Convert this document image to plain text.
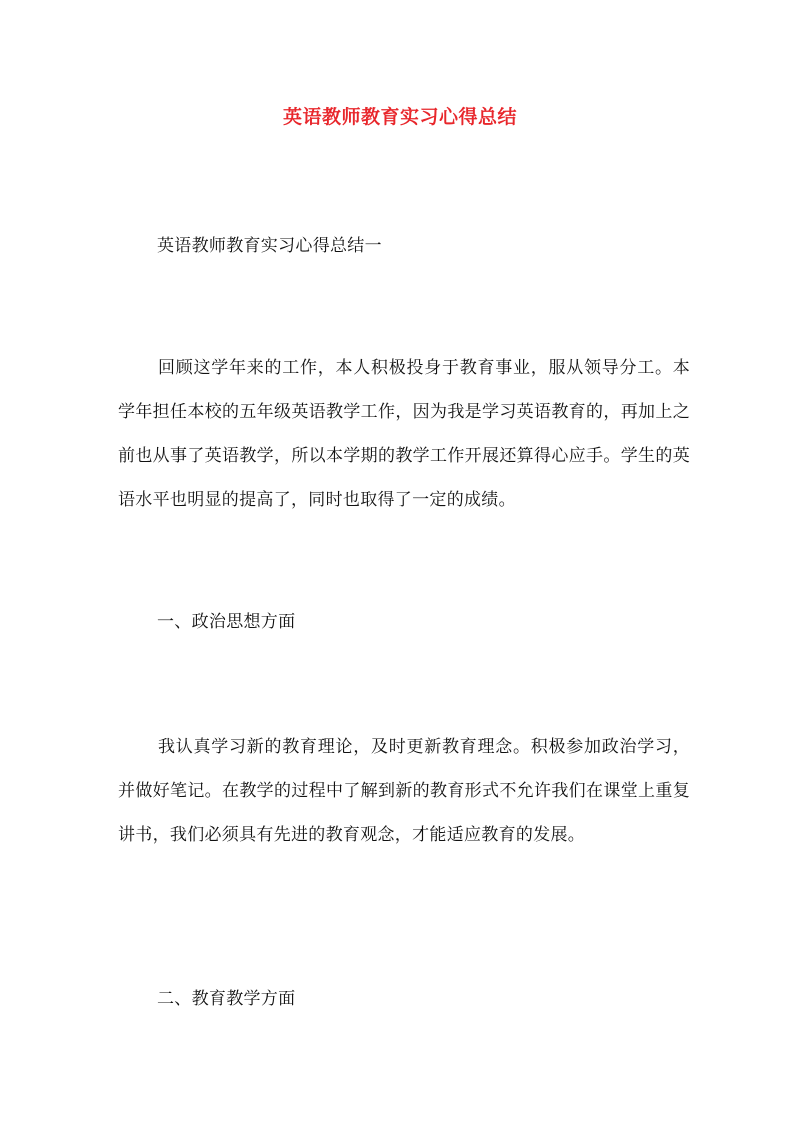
英语教师教育实习心得总结
英语教师教育实习心得总结一
回顾这学年来的工作，本人积极投身于教育事业，服从领导分工。本学年担任本校的五年级英语教学工作，因为我是学习英语教育的，再加上之前也从事了英语教学，所以本学期的教学工作开展还算得心应手。学生的英语水平也明显的提高了，同时也取得了一定的成绩。
一、政治思想方面
我认真学习新的教育理论，及时更新教育理念。积极参加政治学习，并做好笔记。在教学的过程中了解到新的教育形式不允许我们在课堂上重复讲书，我们必须具有先进的教育观念，才能适应教育的发展。
二、教育教学方面
